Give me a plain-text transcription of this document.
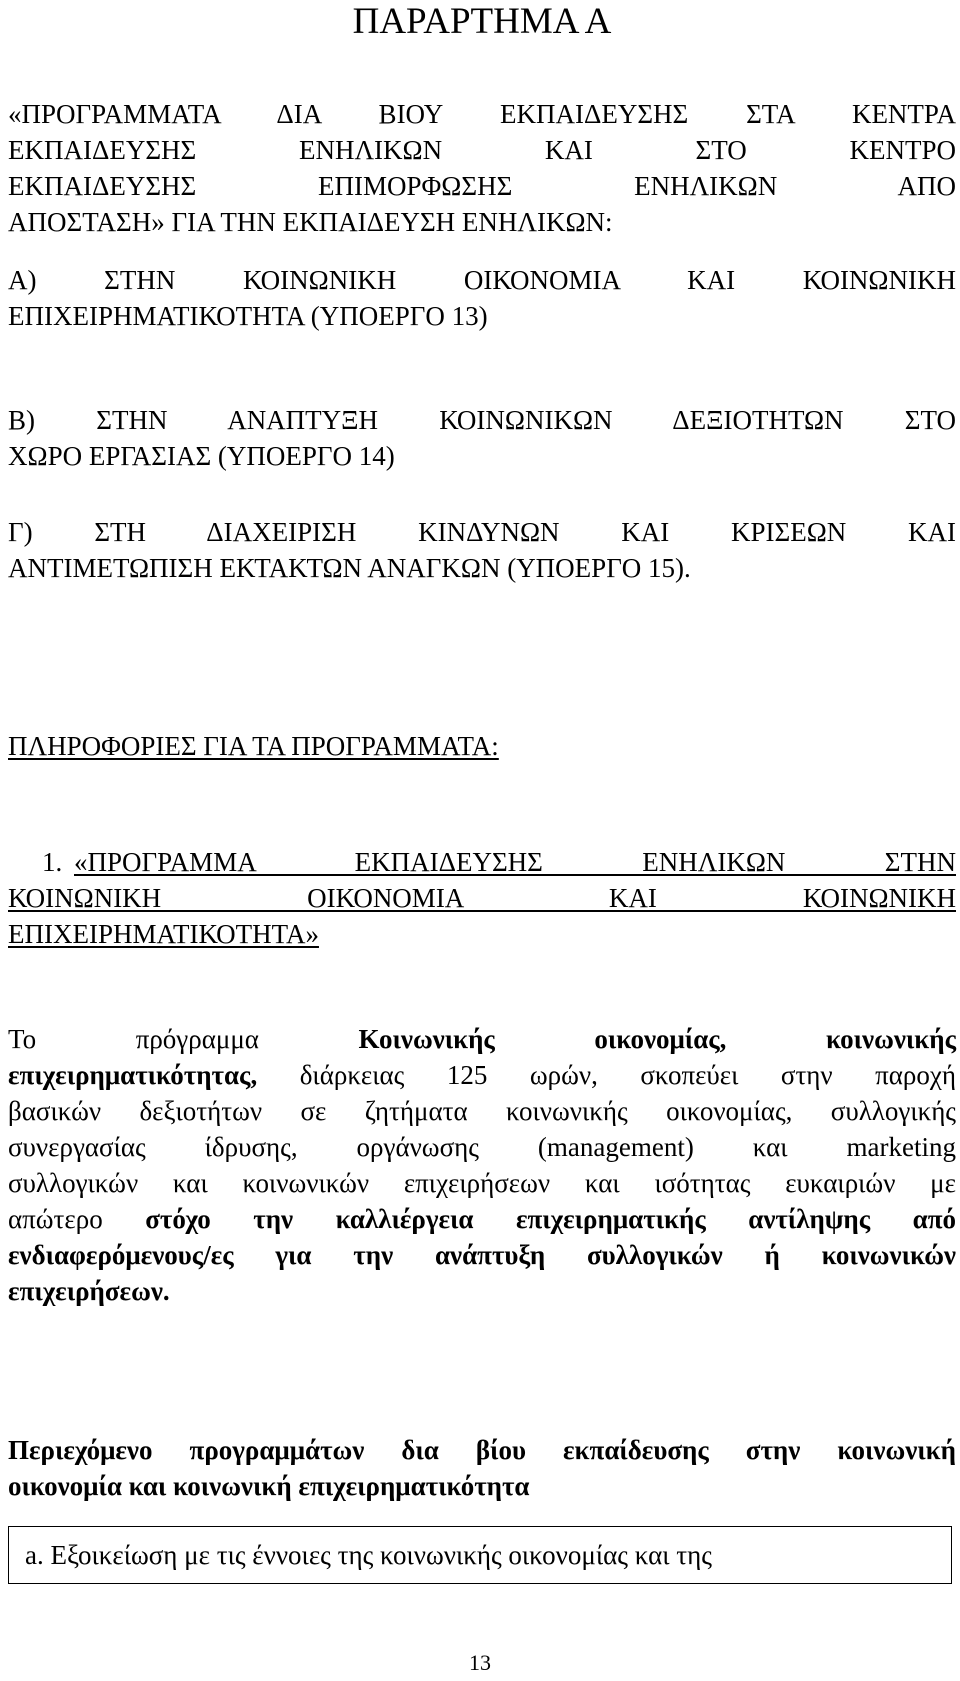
ΠΑΡΑΡΤΗΜΑ Α

«ΠΡΟΓΡΑΜΜΑΤΑ ΔΙΑ ΒΙΟΥ ΕΚΠΑΙΔΕΥΣΗΣ ΣΤΑ ΚΕΝΤΡΑ

ΕΚΠΑΙΔΕΥΣΗΣ ΕΝΗΛΙΚΩΝ ΚΑΙ ΣΤΟ ΚΕΝΤΡΟ

ΕΚΠΑΙΔΕΥΣΗΣ ΕΠΙΜΟΡΦΩΣΗΣ ΕΝΗΛΙΚΩΝ ΑΠΟ

ΑΠΟΣΤΑΣΗ» ΓΙΑ ΤΗΝ ΕΚΠΑΙΔΕΥΣΗ ΕΝΗΛΙΚΩΝ:

Α) ΣΤΗΝ ΚΟΙΝΩΝΙΚΗ ΟΙΚΟΝΟΜΙΑ ΚΑΙ ΚΟΙΝΩΝΙΚΗ

ΕΠΙΧΕΙΡΗΜΑΤΙΚΟΤΗΤΑ (ΥΠΟΕΡΓΟ 13)

Β) ΣΤΗΝ ΑΝΑΠΤΥΞΗ ΚΟΙΝΩΝΙΚΩΝ ΔΕΞΙΟΤΗΤΩΝ ΣΤΟ

ΧΩΡΟ ΕΡΓΑΣΙΑΣ (ΥΠΟΕΡΓΟ 14)

Γ) ΣΤΗ ΔΙΑΧΕΙΡΙΣΗ ΚΙΝΔΥΝΩΝ ΚΑΙ ΚΡΙΣΕΩΝ ΚΑΙ

ΑΝΤΙΜΕΤΩΠΙΣΗ ΕΚΤΑΚΤΩΝ ΑΝΑΓΚΩΝ (ΥΠΟΕΡΓΟ 15).

ΠΛΗΡΟΦΟΡΙΕΣ ΓΙΑ ΤΑ ΠΡΟΓΡΑΜΜΑΤΑ:

1. «ΠΡΟΓΡΑΜΜΑ ΕΚΠΑΙΔΕΥΣΗΣ ΕΝΗΛΙΚΩΝ ΣΤΗΝ

ΚΟΙΝΩΝΙΚΗ ΟΙΚΟΝΟΜΙΑ ΚΑΙ ΚΟΙΝΩΝΙΚΗ

ΕΠΙΧΕΙΡΗΜΑΤΙΚΟΤΗΤΑ»

Το πρόγραμμα Κοινωνικής οικονομίας, κοινωνικής

επιχειρηματικότητας, διάρκειας 125 ωρών, σκοπεύει στην παροχή

βασικών δεξιοτήτων σε ζητήματα κοινωνικής οικονομίας, συλλογικής

συνεργασίας ίδρυσης, οργάνωσης (management) και marketing

συλλογικών και κοινωνικών επιχειρήσεων και ισότητας ευκαιριών με

απώτερο στόχο την καλλιέργεια επιχειρηματικής αντίληψης από

ενδιαφερόμενους/ες για την ανάπτυξη συλλογικών ή κοινωνικών

επιχειρήσεων.

Περιεχόμενο προγραμμάτων δια βίου εκπαίδευσης στην κοινωνική

οικονομία και κοινωνική επιχειρηματικότητα

a. Εξοικείωση με τις έννοιες της κοινωνικής οικονομίας και της
13
